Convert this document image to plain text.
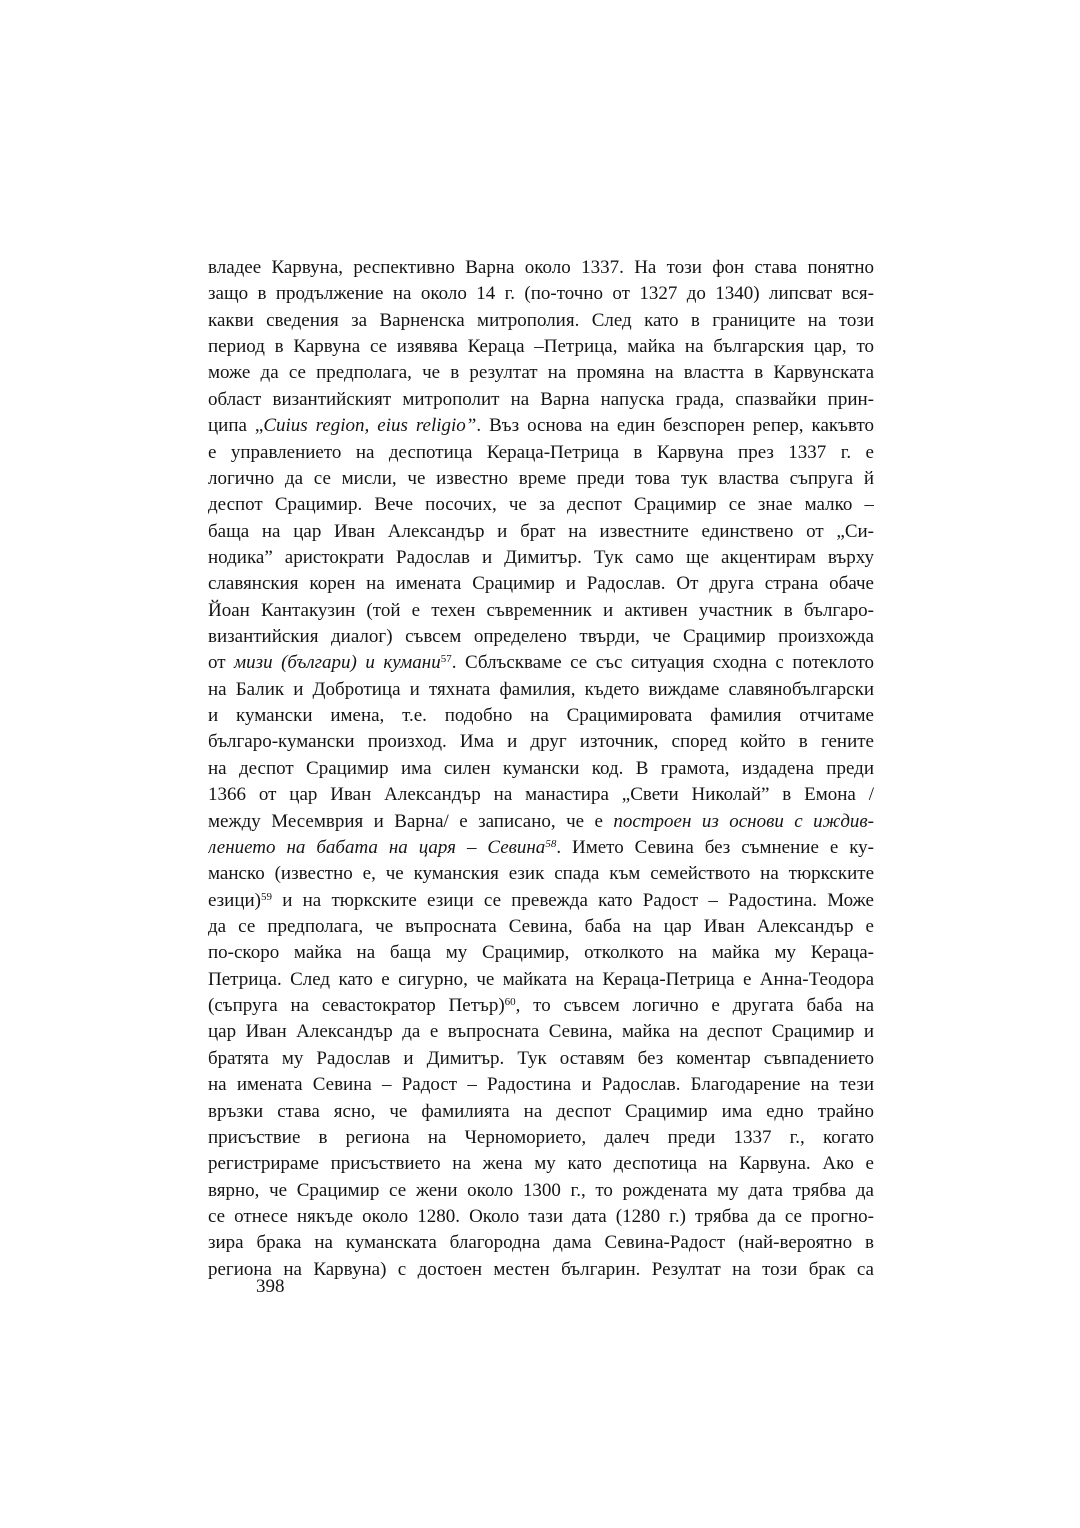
владее Карвуна, респективно Варна около 1337. На този фон става понятно
защо в продължение на около 14 г. (по-точно от 1327 до 1340) липсват вся-
какви сведения за Варненска митрополия. След като в границите на този
период в Карвуна се изявява Кераца –Петрица, майка на българския цар, то
може да се предполага, че в резултат на промяна на властта в Карвунската
област византийският митрополит на Варна напуска града, спазвайки прин-
ципа „Cuius region, eius religio”. Въз основа на един безспорен репер, какъвто
е управлението на деспотица Кераца-Петрица в Карвуна през 1337 г. е
логично да се мисли, че известно време преди това тук властва съпруга й
деспот Срацимир. Вече посочих, че за деспот Срацимир се знае малко –
баща на цар Иван Александър и брат на известните единствено от „Си-
нодика” аристократи Радослав и Димитър. Тук само ще акцентирам върху
славянския корен на имената Срацимир и Радослав. От друга страна обаче
Йоан Кантакузин (той е техен съвременник и активен участник в българо-
византийския диалог) съвсем определено твърди, че Срацимир произхожда
от мизи (българи) и кумани$^{57}$. Сблъскваме се със ситуация сходна с потеклото
на Балик и Добротица и тяхната фамилия, където виждаме славянобългарски
и кумански имена, т.е. подобно на Срацимировата фамилия отчитаме
българо-кумански произход. Има и друг източник, според който в гените
на деспот Срацимир има силен кумански код. В грамота, издадена преди
1366 от цар Иван Александър на манастира „Свети Николай” в Емона /
между Месемврия и Варна/ е записано, че е построен из основи с иждив-
лението на бабата на царя – Севина$^{58}$. Името Севина без съмнение е ку-
манско (известно е, че куманския език спада към семейството на тюркските
езици)$^{59}$ и на тюркските езици се превежда като Радост – Радостина. Може
да се предполага, че въпросната Севина, баба на цар Иван Александър е
по-скоро майка на баща му Срацимир, отколкото на майка му Кераца-
Петрица. След като е сигурно, че майката на Кераца-Петрица е Анна-Теодора
(съпруга на севастократор Петър)$^{60}$, то съвсем логично е другата баба на
цар Иван Александър да е въпросната Севина, майка на деспот Срацимир и
братята му Радослав и Димитър. Тук оставям без коментар съвпадението
на имената Севина – Радост – Радостина и Радослав. Благодарение на тези
връзки става ясно, че фамилията на деспот Срацимир има едно трайно
присъствие в региона на Черноморието, далеч преди 1337 г., когато
регистрираме присъствието на жена му като деспотица на Карвуна. Ако е
вярно, че Срацимир се жени около 1300 г., то рождената му дата трябва да
се отнесе някъде около 1280. Около тази дата (1280 г.) трябва да се прогно-
зира брака на куманската благородна дама Севина-Радост (най-вероятно в
региона на Карвуна) с достоен местен българин. Резултат на този брак са
398
